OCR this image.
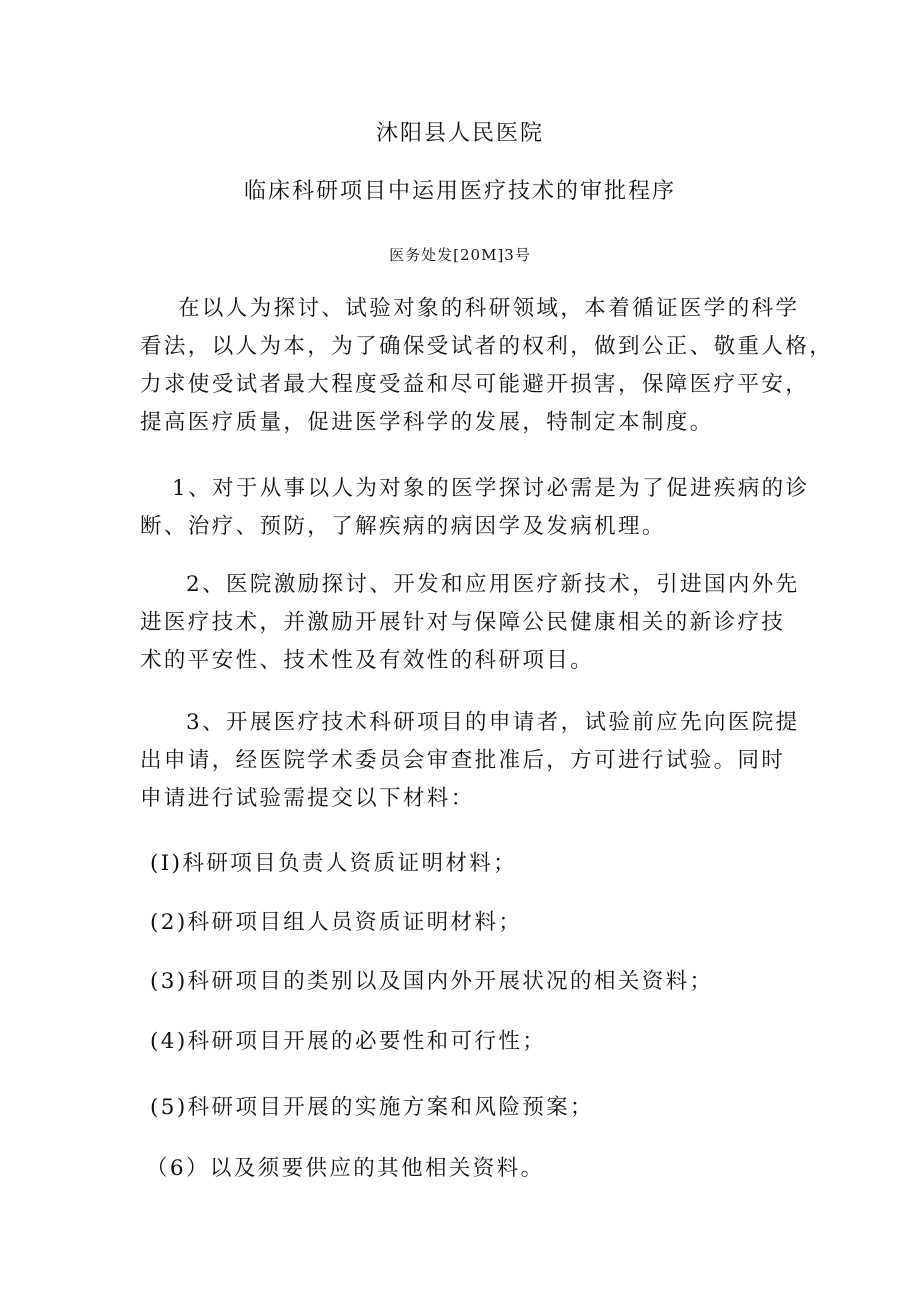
沐阳县人民医院
临床科研项目中运用医疗技术的审批程序
医务处发[20M]3号

在以人为探讨、试验对象的科研领域，本着循证医学的科学
看法，以人为本，为了确保受试者的权利，做到公正、敬重人格，
力求使受试者最大程度受益和尽可能避开损害，保障医疗平安，
提高医疗质量，促进医学科学的发展，特制定本制度。

1、对于从事以人为对象的医学探讨必需是为了促进疾病的诊
断、治疗、预防，了解疾病的病因学及发病机理。

2、医院激励探讨、开发和应用医疗新技术，引进国内外先
进医疗技术，并激励开展针对与保障公民健康相关的新诊疗技
术的平安性、技术性及有效性的科研项目。

3、开展医疗技术科研项目的申请者，试验前应先向医院提
出申请，经医院学术委员会审查批准后，方可进行试验。同时
申请进行试验需提交以下材料：

(I)科研项目负责人资质证明材料；

(2)科研项目组人员资质证明材料；

(3)科研项目的类别以及国内外开展状况的相关资料；

(4)科研项目开展的必要性和可行性；

(5)科研项目开展的实施方案和风险预案；

（6）以及须要供应的其他相关资料。
